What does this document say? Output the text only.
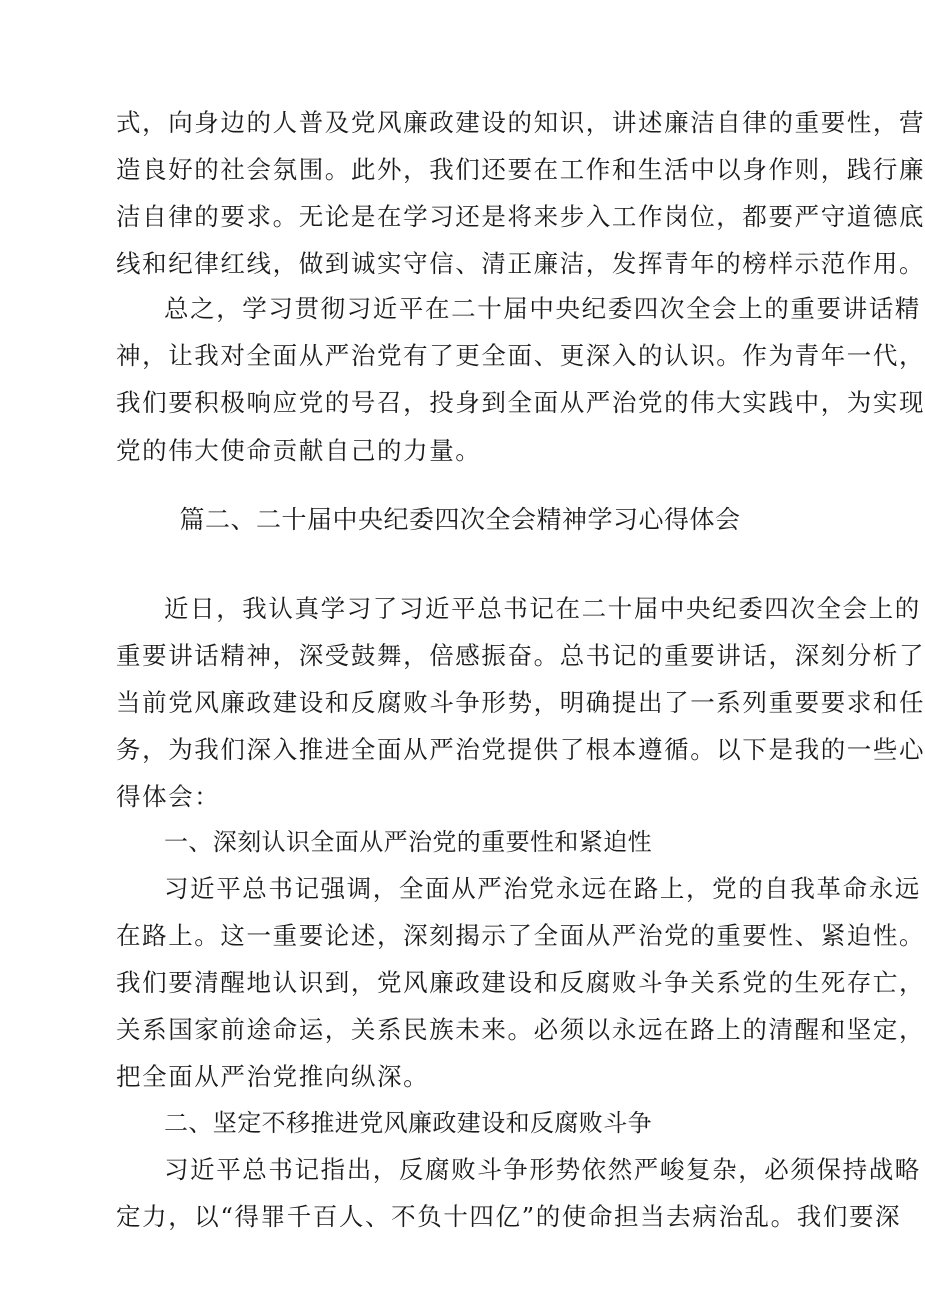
式，向身边的人普及党风廉政建设的知识，讲述廉洁自律的重要性，营
造良好的社会氛围。此外，我们还要在工作和生活中以身作则，践行廉
洁自律的要求。无论是在学习还是将来步入工作岗位，都要严守道德底
线和纪律红线，做到诚实守信、清正廉洁，发挥青年的榜样示范作用。
总之，学习贯彻习近平在二十届中央纪委四次全会上的重要讲话精
神，让我对全面从严治党有了更全面、更深入的认识。作为青年一代，
我们要积极响应党的号召，投身到全面从严治党的伟大实践中，为实现
党的伟大使命贡献自己的力量。
篇二、二十届中央纪委四次全会精神学习心得体会
近日，我认真学习了习近平总书记在二十届中央纪委四次全会上的
重要讲话精神，深受鼓舞，倍感振奋。总书记的重要讲话，深刻分析了
当前党风廉政建设和反腐败斗争形势，明确提出了一系列重要要求和任
务，为我们深入推进全面从严治党提供了根本遵循。以下是我的一些心
得体会：
一、深刻认识全面从严治党的重要性和紧迫性
习近平总书记强调，全面从严治党永远在路上，党的自我革命永远
在路上。这一重要论述，深刻揭示了全面从严治党的重要性、紧迫性。
我们要清醒地认识到，党风廉政建设和反腐败斗争关系党的生死存亡，
关系国家前途命运，关系民族未来。必须以永远在路上的清醒和坚定，
把全面从严治党推向纵深。
二、坚定不移推进党风廉政建设和反腐败斗争
习近平总书记指出，反腐败斗争形势依然严峻复杂，必须保持战略
定力，以“得罪千百人、不负十四亿”的使命担当去病治乱。我们要深
